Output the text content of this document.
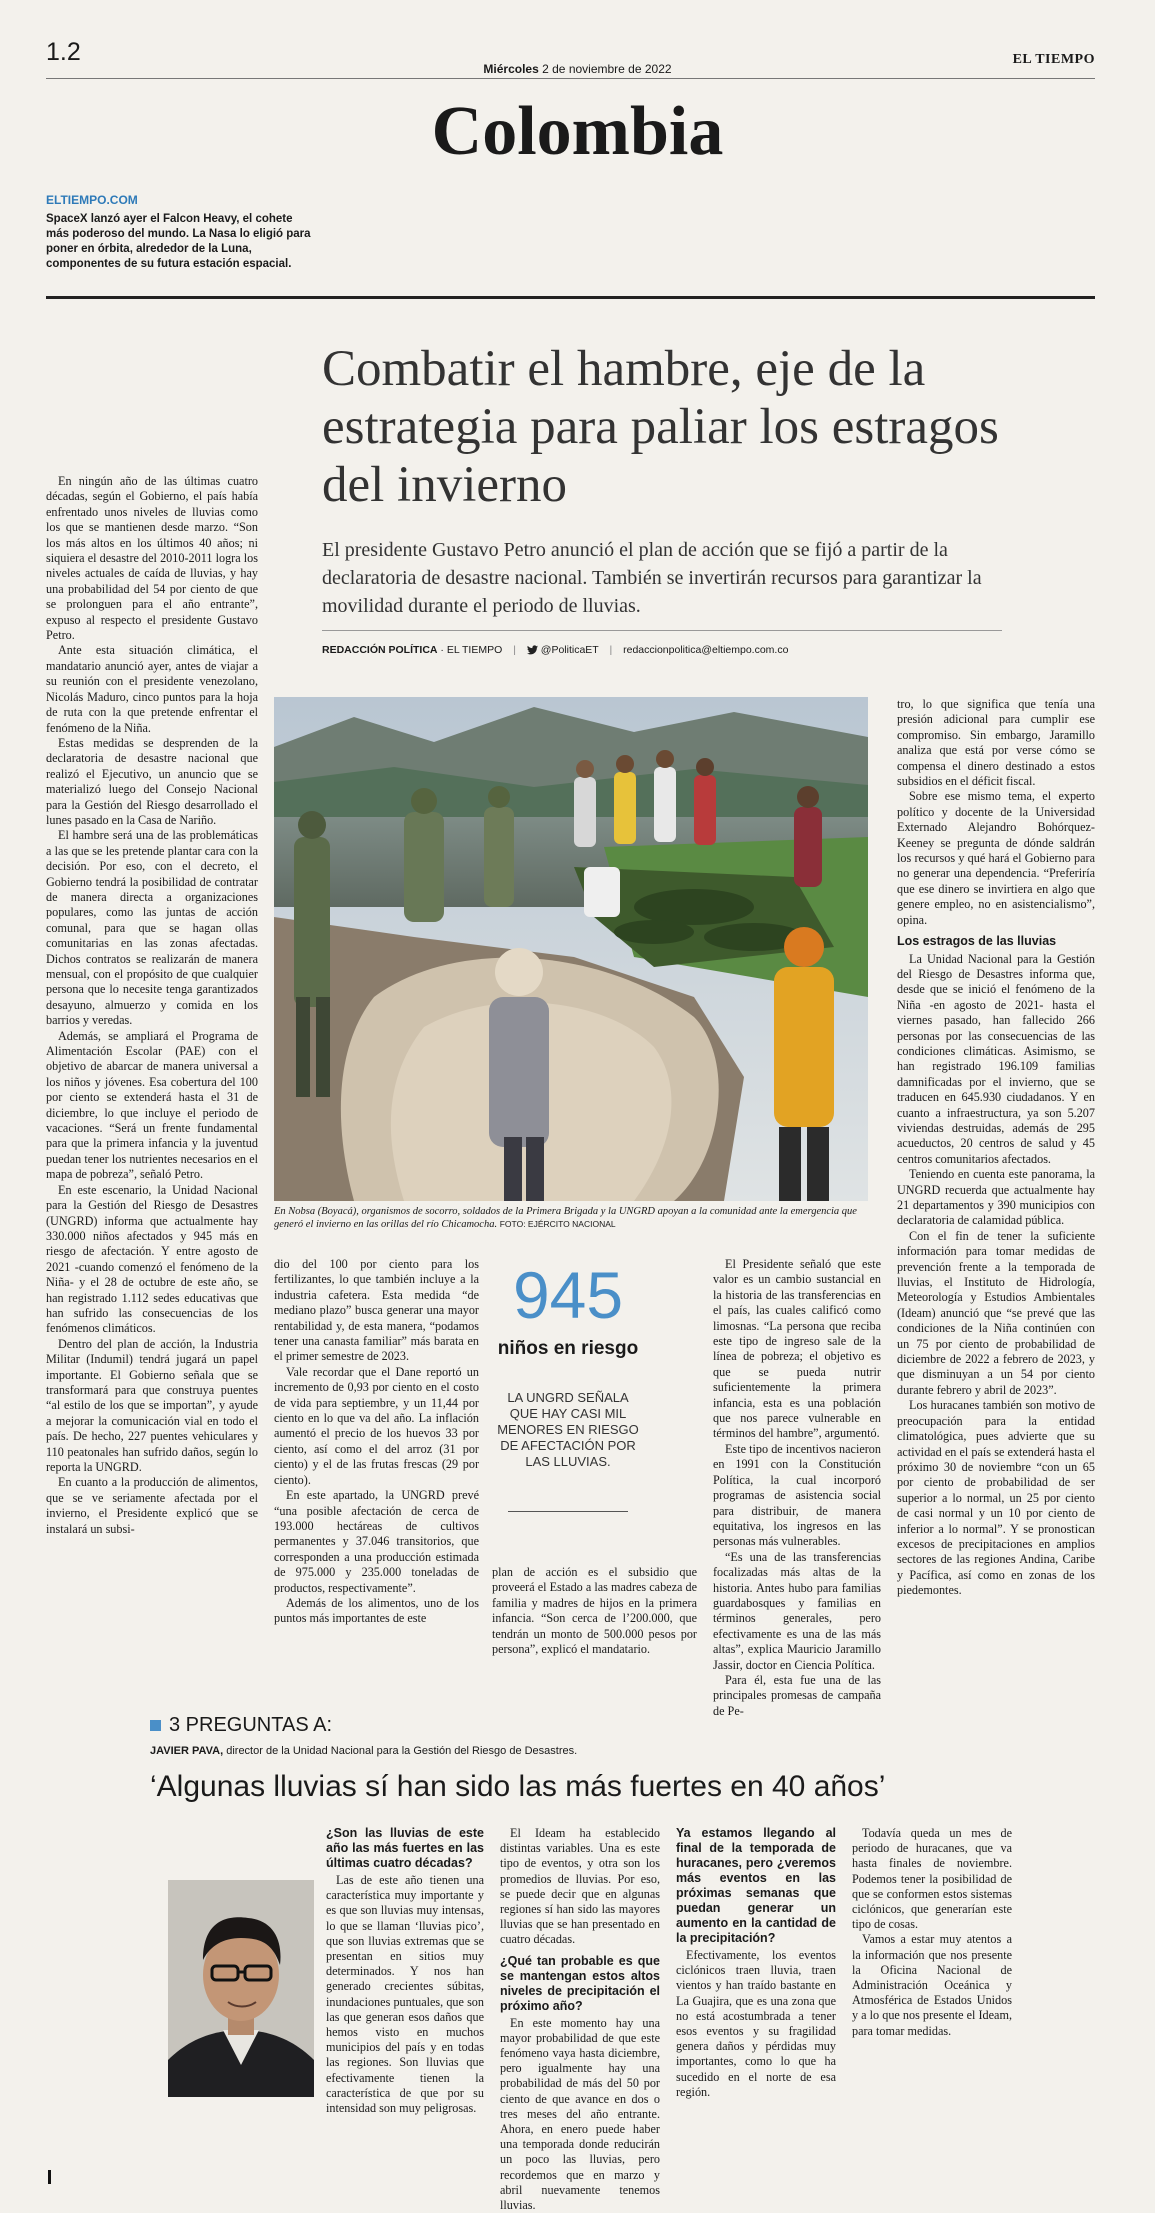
1.2
Miércoles 2 de noviembre de 2022
EL TIEMPO
Colombia
ELTIEMPO.COM
SpaceX lanzó ayer el Falcon Heavy, el cohete más poderoso del mundo. La Nasa lo eligió para poner en órbita, alrededor de la Luna, componentes de su futura estación espacial.
Combatir el hambre, eje de la estrategia para paliar los estragos del invierno
El presidente Gustavo Petro anunció el plan de acción que se fijó a partir de la declaratoria de desastre nacional. También se invertirán recursos para garantizar la movilidad durante el periodo de lluvias.
REDACCIÓN POLÍTICA · EL TIEMPO | @PoliticaET | redaccionpolitica@eltiempo.com.co

En ningún año de las últimas cuatro décadas, según el Gobierno, el país había enfrentado unos niveles de lluvias como los que se mantienen desde marzo. “Son los más altos en los últimos 40 años; ni siquiera el desastre del 2010-2011 logra los niveles actuales de caída de lluvias, y hay una probabilidad del 54 por ciento de que se prolonguen para el año entrante”, expuso al respecto el presidente Gustavo Petro.

Ante esta situación climática, el mandatario anunció ayer, antes de viajar a su reunión con el presidente venezolano, Nicolás Maduro, cinco puntos para la hoja de ruta con la que pretende enfrentar el fenómeno de la Niña.

Estas medidas se desprenden de la declaratoria de desastre nacional que realizó el Ejecutivo, un anuncio que se materializó luego del Consejo Nacional para la Gestión del Riesgo desarrollado el lunes pasado en la Casa de Nariño.

El hambre será una de las problemáticas a las que se les pretende plantar cara con la decisión. Por eso, con el decreto, el Gobierno tendrá la posibilidad de contratar de manera directa a organizaciones populares, como las juntas de acción comunal, para que se hagan ollas comunitarias en las zonas afectadas. Dichos contratos se realizarán de manera mensual, con el propósito de que cualquier persona que lo necesite tenga garantizados desayuno, almuerzo y comida en los barrios y veredas.

Además, se ampliará el Programa de Alimentación Escolar (PAE) con el objetivo de abarcar de manera universal a los niños y jóvenes. Esa cobertura del 100 por ciento se extenderá hasta el 31 de diciembre, lo que incluye el periodo de vacaciones. “Será un frente fundamental para que la primera infancia y la juventud puedan tener los nutrientes necesarios en el mapa de pobreza”, señaló Petro.

En este escenario, la Unidad Nacional para la Gestión del Riesgo de Desastres (UNGRD) informa que actualmente hay 330.000 niños afectados y 945 más en riesgo de afectación. Y entre agosto de 2021 -cuando comenzó el fenómeno de la Niña- y el 28 de octubre de este año, se han registrado 1.112 sedes educativas que han sufrido las consecuencias de los fenómenos climáticos.

Dentro del plan de acción, la Industria Militar (Indumil) tendrá jugará un papel importante. El Gobierno señala que se transformará para que construya puentes “al estilo de los que se importan”, y ayude a mejorar la comunicación vial en todo el país. De hecho, 227 puentes vehiculares y 110 peatonales han sufrido daños, según lo reporta la UNGRD.

En cuanto a la producción de alimentos, que se ve seriamente afectada por el invierno, el Presidente explicó que se instalará un subsi-

En Nobsa (Boyacá), organismos de socorro, soldados de la Primera Brigada y la UNGRD apoyan a la comunidad ante la emergencia que generó el invierno en las orillas del río Chicamocha. FOTO: EJÉRCITO NACIONAL

dio del 100 por ciento para los fertilizantes, lo que también incluye a la industria cafetera. Esta medida “de mediano plazo” busca generar una mayor rentabilidad y, de esta manera, “podamos tener una canasta familiar” más barata en el primer semestre de 2023.

Vale recordar que el Dane reportó un incremento de 0,93 por ciento en el costo de vida para septiembre, y un 11,44 por ciento en lo que va del año. La inflación aumentó el precio de los huevos 33 por ciento, así como el del arroz (31 por ciento) y el de las frutas frescas (29 por ciento).

En este apartado, la UNGRD prevé “una posible afectación de cerca de 193.000 hectáreas de cultivos permanentes y 37.046 transitorios, que corresponden a una producción estimada de 975.000 y 235.000 toneladas de productos, respectivamente”.

Además de los alimentos, uno de los puntos más importantes de este

945
niños en riesgo
LA UNGRD SEÑALA QUE HAY CASI MIL MENORES EN RIESGO DE AFECTACIÓN POR LAS LLUVIAS.

plan de acción es el subsidio que proveerá el Estado a las madres cabeza de familia y madres de hijos en la primera infancia. “Son cerca de l’200.000, que tendrán un monto de 500.000 pesos por persona”, explicó el mandatario.

El Presidente señaló que este valor es un cambio sustancial en la historia de las transferencias en el país, las cuales calificó como limosnas. “La persona que reciba este tipo de ingreso sale de la línea de pobreza; el objetivo es que se pueda nutrir suficientemente la primera infancia, esta es una población que nos parece vulnerable en términos del hambre”, argumentó.

Este tipo de incentivos nacieron en 1991 con la Constitución Política, la cual incorporó programas de asistencia social para distribuir, de manera equitativa, los ingresos en las personas más vulnerables.

“Es una de las transferencias focalizadas más altas de la historia. Antes hubo para familias guardabosques y familias en términos generales, pero efectivamente es una de las más altas”, explica Mauricio Jaramillo Jassir, doctor en Ciencia Política.

Para él, esta fue una de las principales promesas de campaña de Pe-

tro, lo que significa que tenía una presión adicional para cumplir ese compromiso. Sin embargo, Jaramillo analiza que está por verse cómo se compensa el dinero destinado a estos subsidios en el déficit fiscal.

Sobre ese mismo tema, el experto político y docente de la Universidad Externado Alejandro Bohórquez-Keeney se pregunta de dónde saldrán los recursos y qué hará el Gobierno para no generar una dependencia. “Preferiría que ese dinero se invirtiera en algo que genere empleo, no en asistencialismo”, opina.

Los estragos de las lluvias

La Unidad Nacional para la Gestión del Riesgo de Desastres informa que, desde que se inició el fenómeno de la Niña -en agosto de 2021- hasta el viernes pasado, han fallecido 266 personas por las consecuencias de las condiciones climáticas. Asimismo, se han registrado 196.109 familias damnificadas por el invierno, que se traducen en 645.930 ciudadanos. Y en cuanto a infraestructura, ya son 5.207 viviendas destruidas, además de 295 acueductos, 20 centros de salud y 45 centros comunitarios afectados.

Teniendo en cuenta este panorama, la UNGRD recuerda que actualmente hay 21 departamentos y 390 municipios con declaratoria de calamidad pública.

Con el fin de tener la suficiente información para tomar medidas de prevención frente a la temporada de lluvias, el Instituto de Hidrología, Meteorología y Estudios Ambientales (Ideam) anunció que “se prevé que las condiciones de la Niña continúen con un 75 por ciento de probabilidad de diciembre de 2022 a febrero de 2023, y que disminuyan a un 54 por ciento durante febrero y abril de 2023”.

Los huracanes también son motivo de preocupación para la entidad climatológica, pues advierte que su actividad en el país se extenderá hasta el próximo 30 de noviembre “con un 65 por ciento de probabilidad de ser superior a lo normal, un 25 por ciento de casi normal y un 10 por ciento de inferior a lo normal”. Y se pronostican excesos de precipitaciones en amplios sectores de las regiones Andina, Caribe y Pacífica, así como en zonas de los piedemontes.

3 PREGUNTAS A:
JAVIER PAVA, director de la Unidad Nacional para la Gestión del Riesgo de Desastres.
‘Algunas lluvias sí han sido las más fuertes en 40 años’
¿Son las lluvias de este año las más fuertes en las últimas cuatro décadas?

Las de este año tienen una característica muy importante y es que son lluvias muy intensas, lo que se llaman ‘lluvias pico’, que son lluvias extremas que se presentan en sitios muy determinados. Y nos han generado crecientes súbitas, inundaciones puntuales, que son las que generan esos daños que hemos visto en muchos municipios del país y en todas las regiones. Son lluvias que efectivamente tienen la característica de que por su intensidad son muy peligrosas.

El Ideam ha establecido distintas variables. Una es este tipo de eventos, y otra son los promedios de lluvias. Por eso, se puede decir que en algunas regiones sí han sido las mayores lluvias que se han presentado en cuatro décadas.

¿Qué tan probable es que se mantengan estos altos niveles de precipitación el próximo año?

En este momento hay una mayor probabilidad de que este fenómeno vaya hasta diciembre, pero igualmente hay una probabilidad de más del 50 por ciento de que avance en dos o tres meses del año entrante. Ahora, en enero puede haber una temporada donde reducirán un poco las lluvias, pero recordemos que en marzo y abril nuevamente tenemos lluvias.

Ya estamos llegando al final de la temporada de huracanes, pero ¿veremos más eventos en las próximas semanas que puedan generar un aumento en la cantidad de la precipitación?

Efectivamente, los eventos ciclónicos traen lluvia, traen vientos y han traído bastante en La Guajira, que es una zona que no está acostumbrada a tener esos eventos y su fragilidad genera daños y pérdidas muy importantes, como lo que ha sucedido en el norte de esa región.

Todavía queda un mes de periodo de huracanes, que va hasta finales de noviembre. Podemos tener la posibilidad de que se conformen estos sistemas ciclónicos, que generarían este tipo de cosas.

Vamos a estar muy atentos a la información que nos presente la Oficina Nacional de Administración Oceánica y Atmosférica de Estados Unidos y a lo que nos presente el Ideam, para tomar medidas.
